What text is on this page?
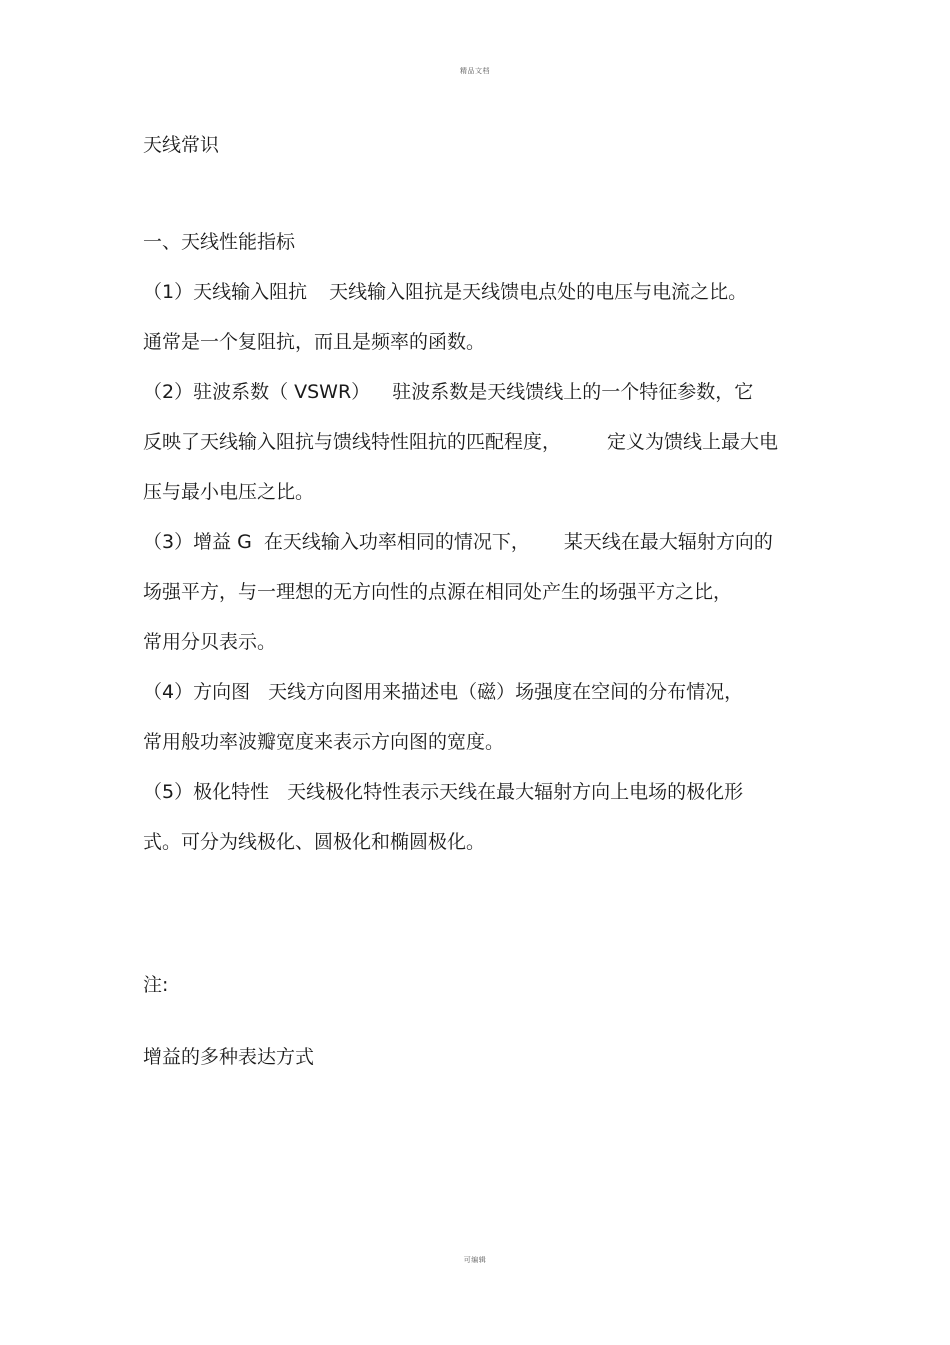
精品文档
天线常识
一、天线性能指标
（1）天线输入阻抗 天线输入阻抗是天线馈电点处的电压与电流之比。
通常是一个复阻抗，而且是频率的函数。
（2）驻波系数（ VSWR） 驻波系数是天线馈线上的一个特征参数，它
反映了天线输入阻抗与馈线特性阻抗的匹配程度， 定义为馈线上最大电
压与最小电压之比。
（3）增益 G 在天线输入功率相同的情况下， 某天线在最大辐射方向的
场强平方，与一理想的无方向性的点源在相同处产生的场强平方之比，
常用分贝表示。
（4）方向图 天线方向图用来描述电（磁）场强度在空间的分布情况，
常用般功率波瓣宽度来表示方向图的宽度。
（5）极化特性 天线极化特性表示天线在最大辐射方向上电场的极化形
式。可分为线极化、圆极化和椭圆极化。
注:
增益的多种表达方式
可编辑
